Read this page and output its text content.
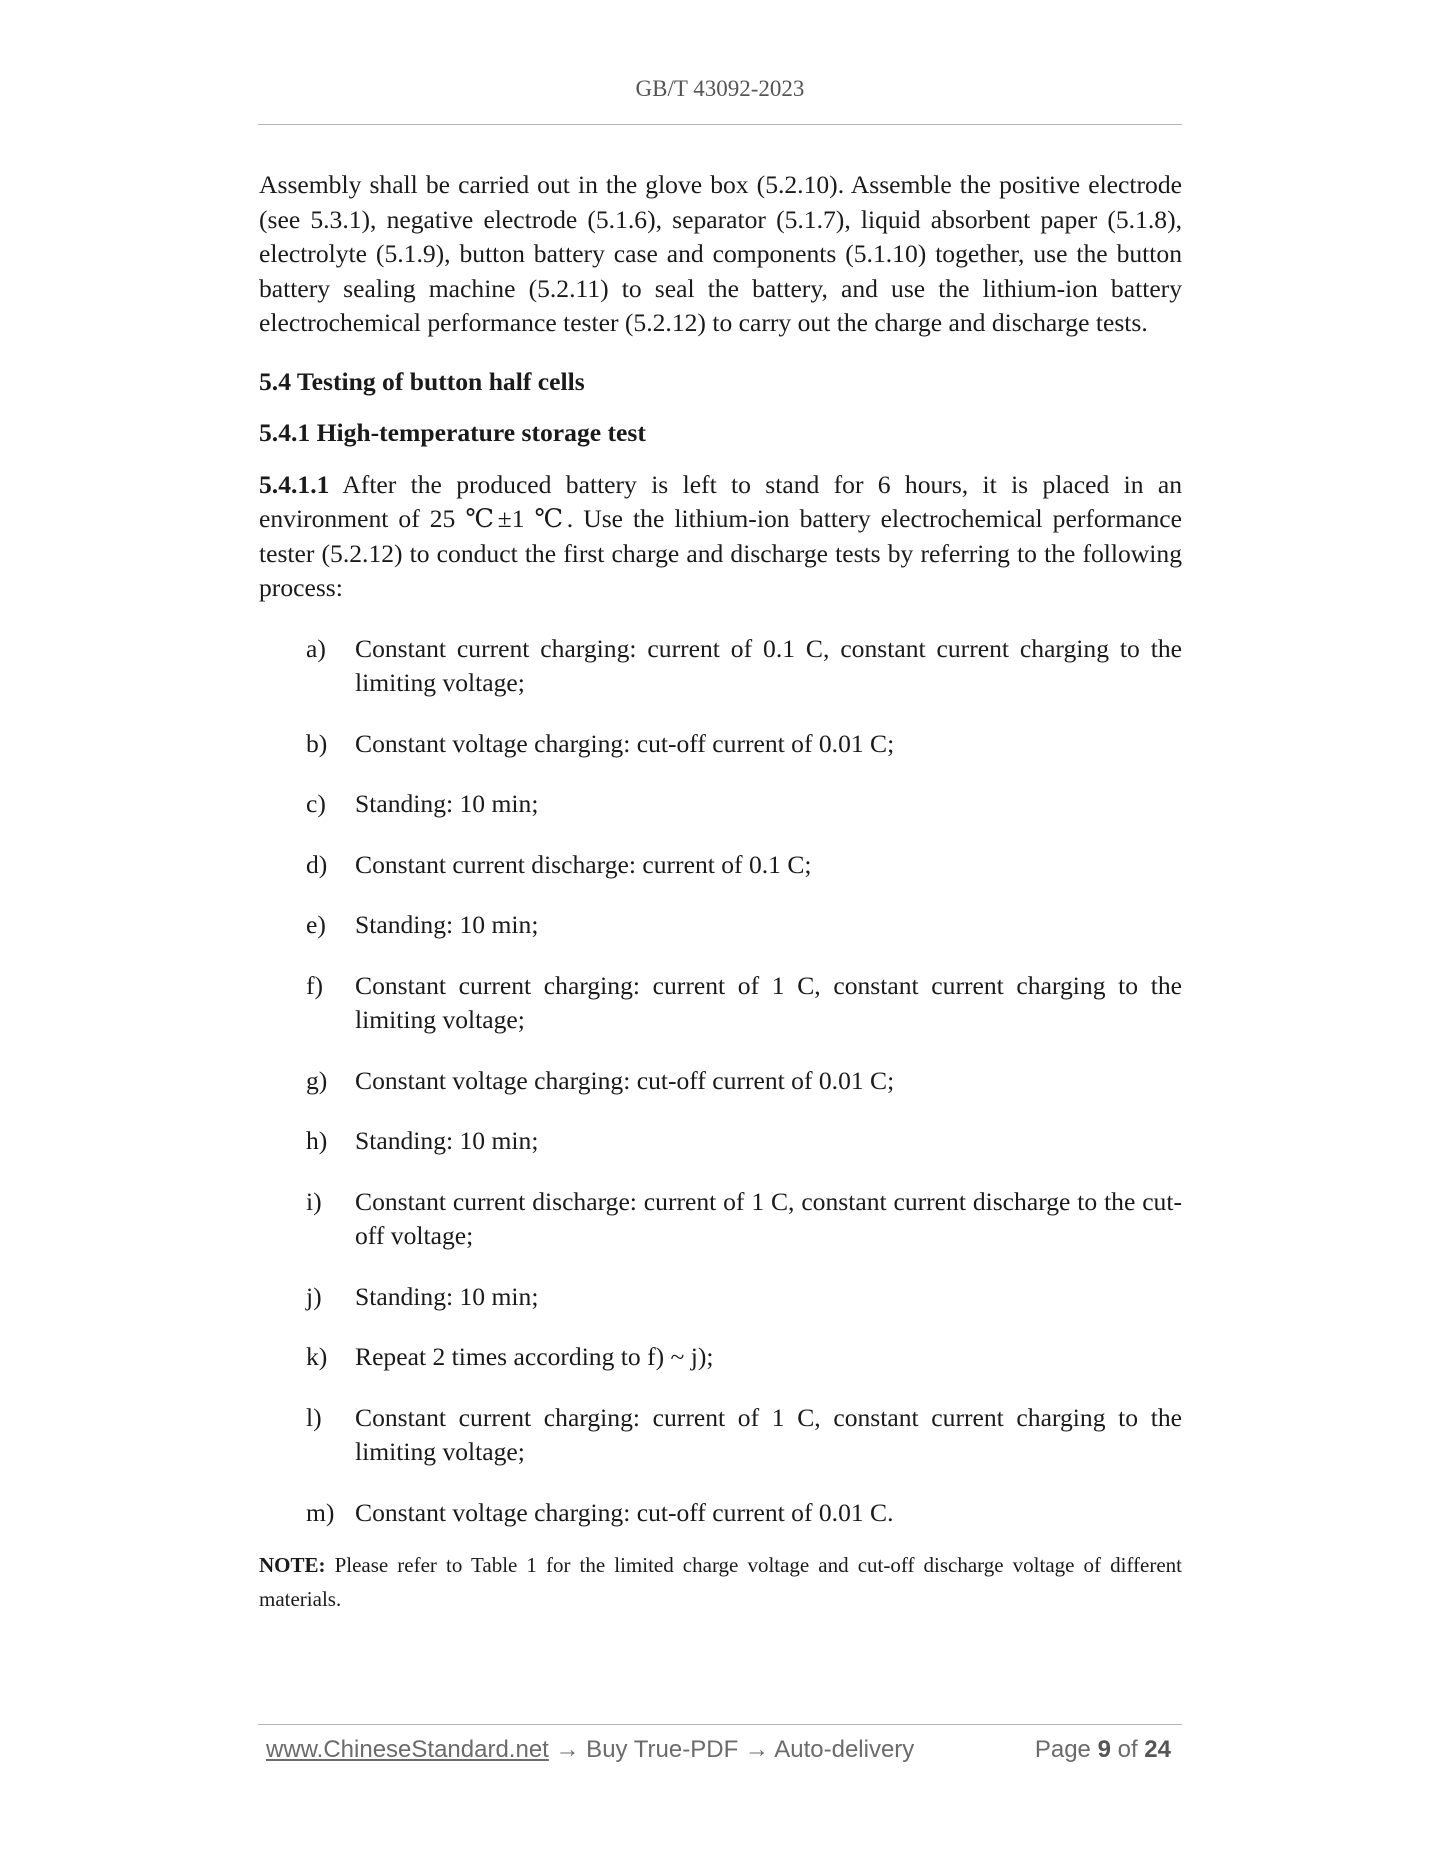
GB/T 43092-2023

Assembly shall be carried out in the glove box (5.2.10). Assemble the positive electrode (see 5.3.1), negative electrode (5.1.6), separator (5.1.7), liquid absorbent paper (5.1.8), electrolyte (5.1.9), button battery case and components (5.1.10) together, use the button battery sealing machine (5.2.11) to seal the battery, and use the lithium-ion battery electrochemical performance tester (5.2.12) to carry out the charge and discharge tests.

5.4 Testing of button half cells

5.4.1 High-temperature storage test

5.4.1.1 After the produced battery is left to stand for 6 hours, it is placed in an environment of 25 ℃±1 ℃. Use the lithium-ion battery electrochemical performance tester (5.2.12) to conduct the first charge and discharge tests by referring to the following process:

a) Constant current charging: current of 0.1 C, constant current charging to the limiting voltage;
b) Constant voltage charging: cut-off current of 0.01 C;
c) Standing: 10 min;
d) Constant current discharge: current of 0.1 C;
e) Standing: 10 min;
f) Constant current charging: current of 1 C, constant current charging to the limiting voltage;
g) Constant voltage charging: cut-off current of 0.01 C;
h) Standing: 10 min;
i) Constant current discharge: current of 1 C, constant current discharge to the cut-off voltage;
j) Standing: 10 min;
k) Repeat 2 times according to f) ~ j);
l) Constant current charging: current of 1 C, constant current charging to the limiting voltage;
m) Constant voltage charging: cut-off current of 0.01 C.

NOTE: Please refer to Table 1 for the limited charge voltage and cut-off discharge voltage of different materials.

www.ChineseStandard.net → Buy True-PDF → Auto-delivery	Page 9 of 24
